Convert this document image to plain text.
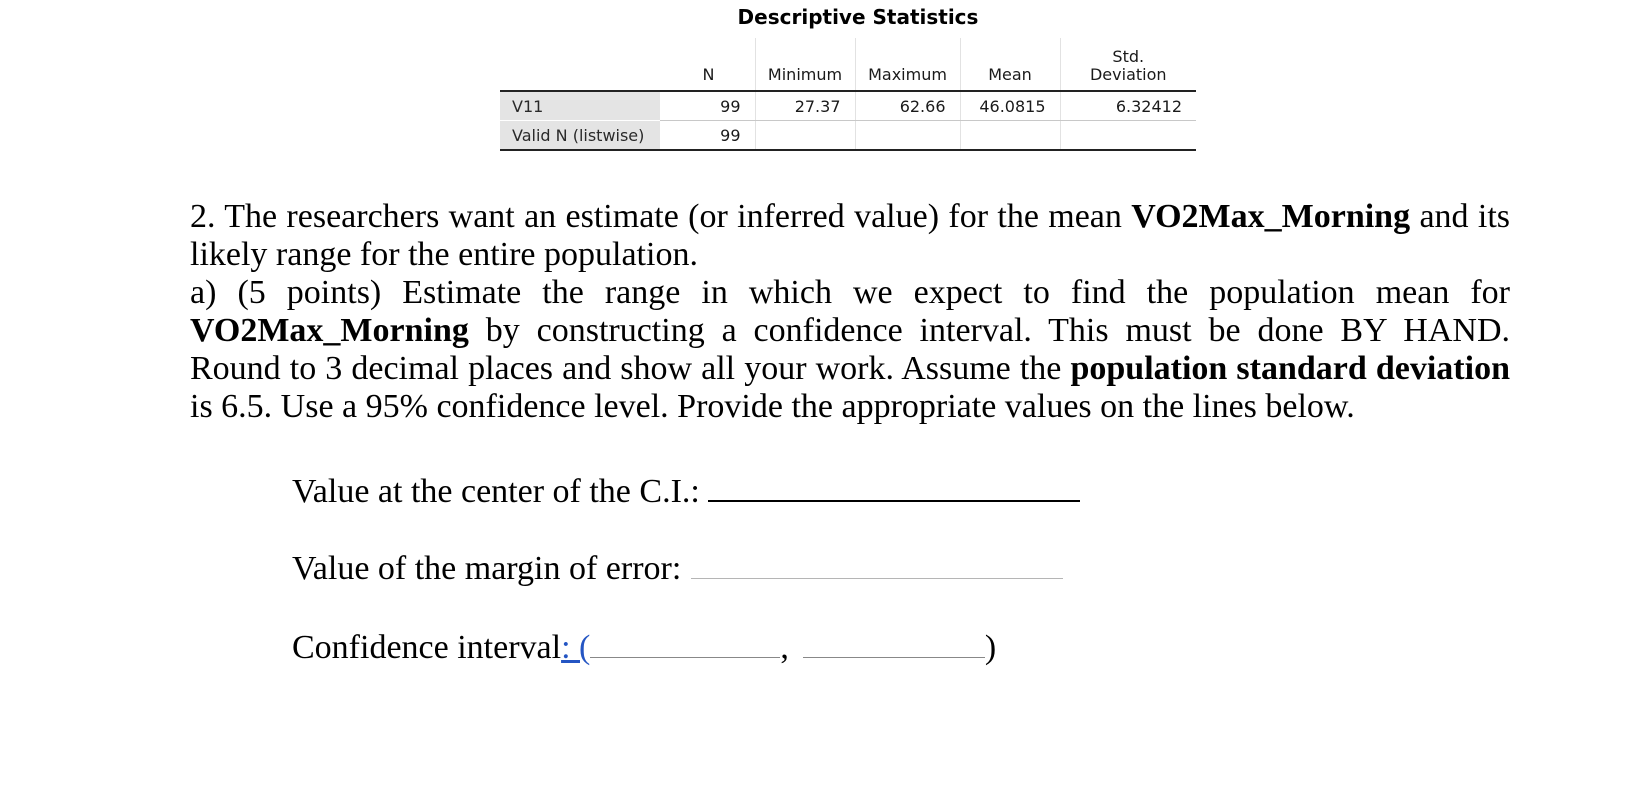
Descriptive Statistics
	N	Minimum	Maximum	Mean	Std.
Deviation
V11	99	27.37	62.66	46.0815	6.32412
Valid N (listwise)	99				

2. The researchers want an estimate (or inferred value) for the mean VO2Max_Morning and its likely range for the entire population.

a) (5 points) Estimate the range in which we expect to find the population mean for VO2Max_Morning by constructing a confidence interval. This must be done BY HAND. Round to 3 decimal places and show all your work. Assume the population standard deviation is 6.5. Use a 95% confidence level. Provide the appropriate values on the lines below.

Value at the center of the C.I.:
Value of the margin of error:
Confidence interval: (	,	)
